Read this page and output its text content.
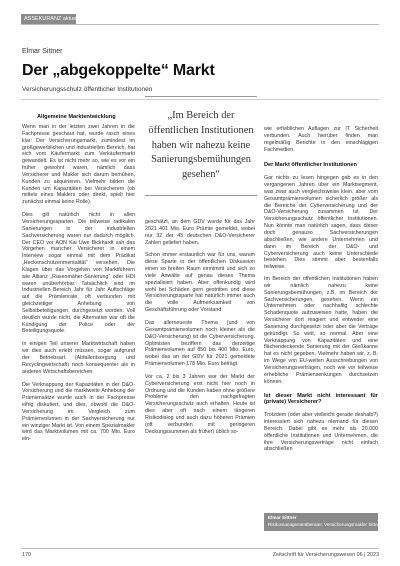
ASSEKURANZ aktuell
Elmar Sittner
Der „abgekoppelte“ Markt
Versicherungsschutz öffentlicher Institutionen
Allgemeine Marktentwicklung

Wenn man in der letzten zwei Jahren in die Fachpresse geschaut hat, wurde rasch eines klar: Der Versicherungsmarkt, zumindest im großgewerblichen und industriellen Bereich, hat sich vom Käufermarkt zum Verkäufermarkt gewandelt. Es ist nicht mehr so, wie es vor ein früher gewohnt waren, nämlich dass Versicherer und Makler sich darum bemühen, Kunden zu akquirieren. Vielmehr bilden die Kunden um Kapazitäten bei Versicherern (ob mittels eines Maklers oder direkt, spielt hier zunächst einmal keine Rolle).

Dies gilt natürlich nicht in allen Versicherungssparten. Die teilweise radikalen Sanierungen in der industriellen Sachversicherung waren nur dadurch möglich. Der CEO vor AON Kai Uwe Bickhardt sah das Vorgehen mancher Versicherer in einem Interview sogar einmal mit dem Prädikat „Heckenschützenmentalität“ versehen. Die Klagen über das Vorgehen von Marktführern wie Allianz „Rasenmäher-Sanierung“ oder HDI waren unüberhörbar. Tatsächlich sind im Industriellen Bereich Jahr für Jahr Auftschläge auf die Prämienrate, oft verbunden mit gleichzeitiger Anhebung von Selbstbeteiligungen, durchgesetzt worden. Voll deutlich wurde nicht, die Alternative war oft die Kündigung der Police oder der Beteiligungsquote.

In einigen Teil unserer Marktwirtschaft haben wir dies auch erlebt müssen, sogar aufgrund der Betriebsart (Abfallentsorgung und Recyclingwirtschaft) noch konsequenter als in anderen Wirtschaftsbereichen.

Die Verknappung der Kapazitäten in der D&O-Versicherung und die marktweite Anhebung der Prämiensätze wurde auch in der Fachpresse eifrig diskutiert, und dies, obwohl die D&O-Versicherung im Vergleich zum Prämienvolumen in der Sachversicherung nur ein winziger Markt ist. Von einem Spezialmakler wird das Marktvolumen mit ca. 700 Mio. Euro ein-

„Im Bereich der öffentlichen Institutionen haben wir nahezu keine Sanierungsbemühungen gesehen“

geschätzt, an dem GDV wurde für das Jahr 2021 401 Mio. Euro Prämie gemeldet, wobei nur 32 der 45 deutschen D&O-Versicherer Zahlen geliefert haben.

Schon immer erstaunlich war für uns, warum diese Sparte in der öffentlichen Diskussion einen so breiten Raum einnimmt und sich so viele Anwälte auf genau dieses Thema spezialisiert haben. Aber offenkundig wird wohl bei Schäden gern gestritten und diese Versicherungssparte hat natürlich immer auch die volle Aufmerksamkeit von Geschäftsführung oder Vorstand.

Das allerneueste Thema (und von Gesamtprämienvolumen noch kleiner als die D&O-Versicherung) ist die Cyberversicherung. Optimisten beziffern das derzeitige Prämienvolumen auf 850 bis 400 Mio. Euro, wobei das an der GDV für 2021 gemeldete Prämienvolumen 178 Mio. Euro beträgt.

Vor ca. 2 bis 3 Jahren war der Markt der Cyberversicherung erst nicht hier noch in Ordnung und die Kunden haben ohne größere Probleme den nachgefragten Versicherungsschutz auch erhalten. Heute ist dies aber oft nach einem längeren Risikodialog und auch dazu höheren Prämien (oft verbunden mit geringeren Deckungssummen als früher) üblich so-

wie erheblichen Auflagen zur IT Sicherheit verbunden. Auch hierüber finden man regelmäßig Berichte in den einschlägigen Fachmedien.

Der Markt öffentlicher Institutionen

Gar nichts zu lesen hingegen gab es in den vergangenen Jahren über ein Marktsegment, was zwar auch vergleichsweise klein, aber vom Gesamtprämienvolumen sicherlich größer als die Bereiche der Cyberversicherung und der D&O-Versicherung zusammen ist. Der Versicherungsschutz öffentlicher Institutionen. Nun könnte man natürlich sagen, dass dieser doch genauso Sachversicherungen abschließen, wie andere Unternehmen und dann im Bereich der D&O- und Cyberversicherung auch keine Unterschiede bestehen. Dies stimmt aber bestenfalls teilweise.

Im Bereich der öffentlichen Institutionen haben wir nämlich nahezu keine Sanierungsbemühungen, z.B. im Bereich der Sachversicherungen, gesehen. Wenn ein Unternehmen oder nachhaltig schlechte Schadenquote aufzuweisen hatte, haben die Versicherer dort reagiert und entweder eine Sanierung durchgesetzt oder aber die Verträge gekündigt. So weit, so normal. Aber eine Verknappung von Kapazitäten und eine flächendeckende Sanierung mit der Gießkanne hat es nicht gegeben. Vielmehr haben wir, z. B. im Wege von EU-weiten Ausschreibungen von Versicherungsverträgen, noch wie vor teilweise erhebliche Prämiensenkungen durchsetzen können.

Ist dieser Markt nicht interessant für (private) Versicherer?

Trotzdem (oder aber vielleicht gerade deshalb?) interessiert sich nahezu niemand für diesen Bereich. Dabei gibt es mehr als 20.000 öffentliche Institutionen und Unternehmen, die ihre Versicherungsverträge nicht einfach abschließen

Elmar Sittner
Risikomanagementberater, Versicherungsmakler Sittner, Leipzig
170	Zeitschrift für Versicherungswesen 06 | 2023
